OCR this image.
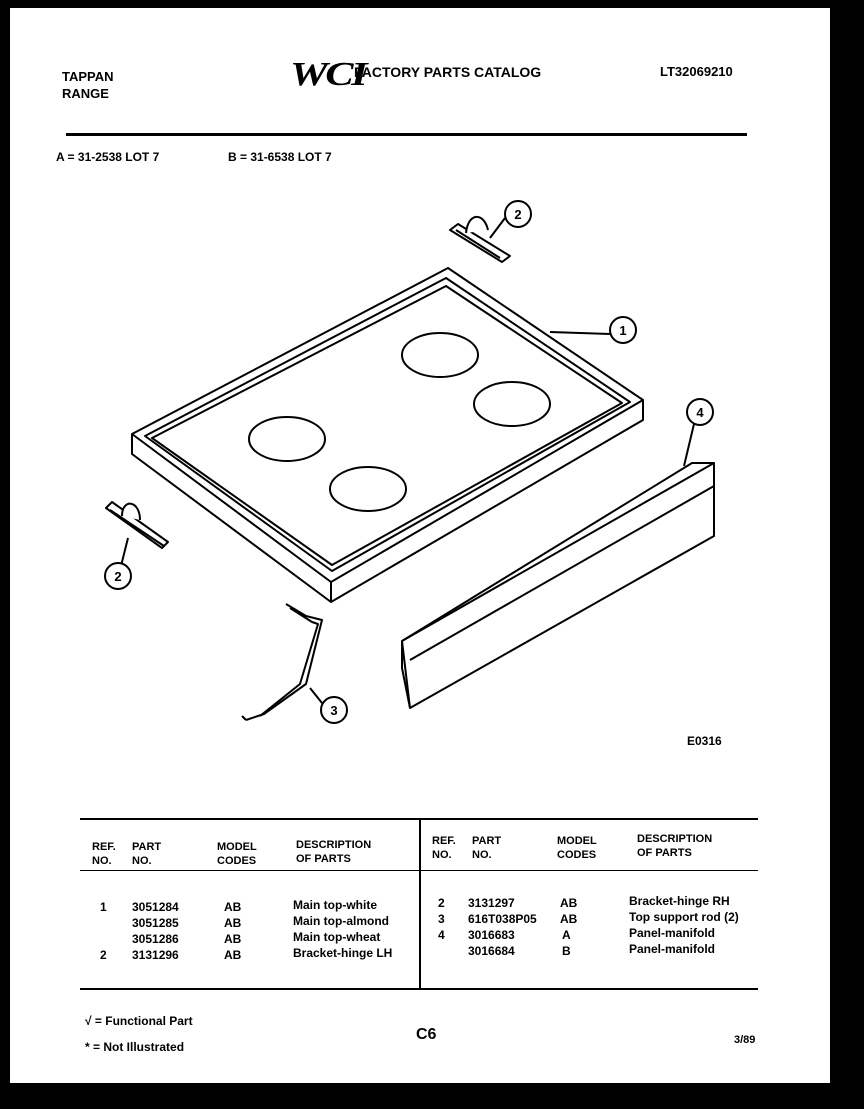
TAPPAN
RANGE
WCI
FACTORY PARTS CATALOG	LT32069210
A = 31-2538 LOT 7	B = 31-6538 LOT 7
1
2
2
3
4
E0316
REF.
NO.
PART
NO.
MODEL
CODES
DESCRIPTION
OF PARTS
REF.
NO.
PART
NO.
MODEL
CODES
DESCRIPTION
OF PARTS
1 3051284	AB	Main top-white
3051285	AB	Main top-almond
3051286	AB	Main top-wheat
2 3131296	AB	Bracket-hinge LH
2 3131297	AB	Bracket-hinge RH
3 616T038P05 AB	Top support rod (2)
4 3016683	A	Panel-manifold
3016684	B	Panel-manifold
√ = Functional Part
* = Not Illustrated
C6	3/89
